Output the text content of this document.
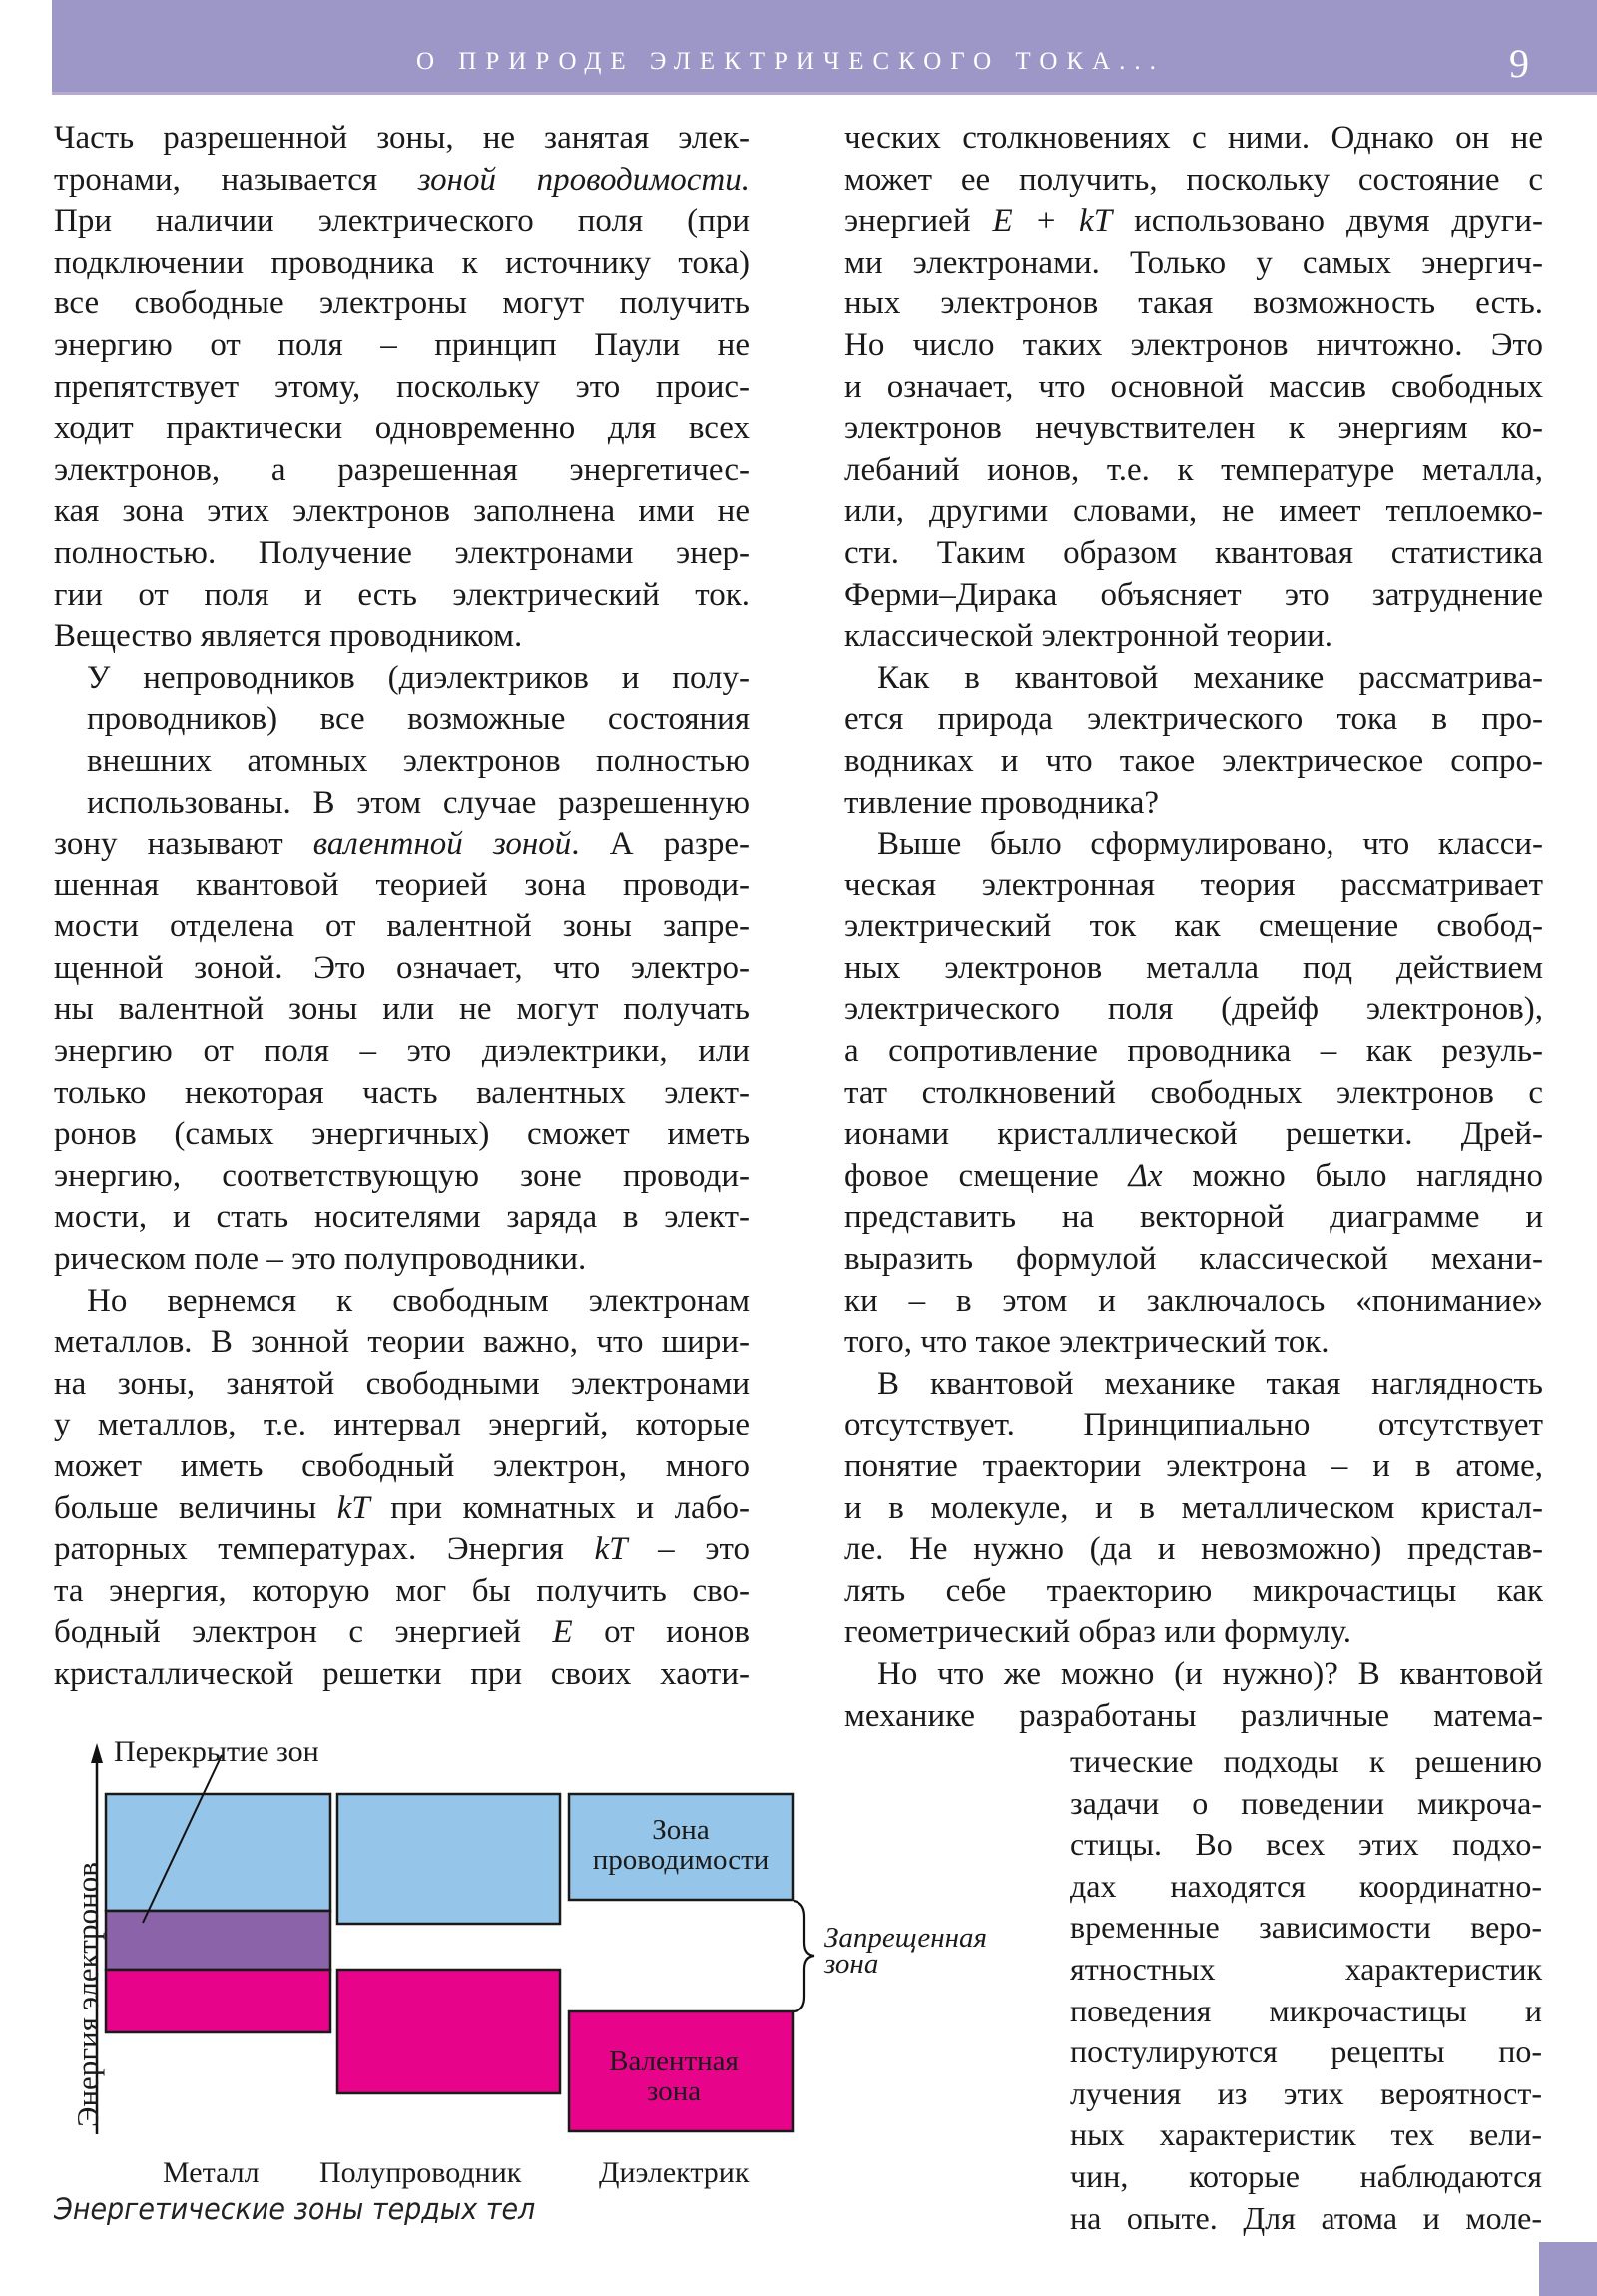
О ПРИРОДЕ ЭЛЕКТРИЧЕСКОГО ТОКА...	9

Часть разрешенной зоны, не занятая элек-
тронами, называется зоной проводимости.
При наличии электрического поля (при
подключении проводника к источнику тока)
все свободные электроны могут получить
энергию от поля – принцип Паули не
препятствует этому, поскольку это проис-
ходит практически одновременно для всех
электронов, а разрешенная энергетичес-
кая зона этих электронов заполнена ими не
полностью. Получение электронами энер-
гии от поля и есть электрический ток.
Вещество является проводником.

У непроводников (диэлектриков и полу-
проводников) все возможные состояния
внешних атомных электронов полностью
использованы. В этом случае разрешенную
зону называют валентной зоной. А разре-
шенная квантовой теорией зона проводи-
мости отделена от валентной зоны запре-
щенной зоной. Это означает, что электро-
ны валентной зоны или не могут получать
энергию от поля – это диэлектрики, или
только некоторая часть валентных элект-
ронов (самых энергичных) сможет иметь
энергию, соответствующую зоне проводи-
мости, и стать носителями заряда в элект-
рическом поле – это полупроводники.

Но вернемся к свободным электронам
металлов. В зонной теории важно, что шири-
на зоны, занятой свободными электронами
у металлов, т.е. интервал энергий, которые
может иметь свободный электрон, много
больше величины kT при комнатных и лабо-
раторных температурах. Энергия kT – это
та энергия, которую мог бы получить сво-
бодный электрон с энергией E от ионов
кристаллической решетки при своих хаоти-

ческих столкновениях с ними. Однако он не
может ее получить, поскольку состояние с
энергией E + kT использовано двумя други-
ми электронами. Только у самых энергич-
ных электронов такая возможность есть.
Но число таких электронов ничтожно. Это
и означает, что основной массив свободных
электронов нечувствителен к энергиям ко-
лебаний ионов, т.е. к температуре металла,
или, другими словами, не имеет теплоемко-
сти. Таким образом квантовая статистика
Ферми–Дирака объясняет это затруднение
классической электронной теории.

Как в квантовой механике рассматрива-
ется природа электрического тока в про-
водниках и что такое электрическое сопро-
тивление проводника?

Выше было сформулировано, что класси-
ческая электронная теория рассматривает
электрический ток как смещение свобод-
ных электронов металла под действием
электрического поля (дрейф электронов),
а сопротивление проводника – как резуль-
тат столкновений свободных электронов с
ионами кристаллической решетки. Дрей-
фовое смещение Δx можно было наглядно
представить на векторной диаграмме и
выразить формулой классической механи-
ки – в этом и заключалось «понимание»
того, что такое электрический ток.

В квантовой механике такая наглядность
отсутствует. Принципиально отсутствует
понятие траектории электрона – и в атоме,
и в молекуле, и в металлическом кристал-
ле. Не нужно (да и невозможно) представ-
лять себе траекторию микрочастицы как
геометрический образ или формулу.

Но что же можно (и нужно)? В квантовой
механике разработаны различные матема-

тические подходы к решению
задачи о поведении микроча-
стицы. Во всех этих подхо-
дах находятся координатно-
временные зависимости веро-
ятностных характеристик
поведения микрочастицы и
постулируются рецепты по-
лучения из этих вероятност-
ных характеристик тех вели-
чин, которые наблюдаются
на опыте. Для атома и моле-

Энергия электронов
Перекрытие зон
Зона
проводимости
Валентная
зона
Запрещенная
зона
Металл Полупроводник	Диэлектрик
Энергетические зоны тердых тел
